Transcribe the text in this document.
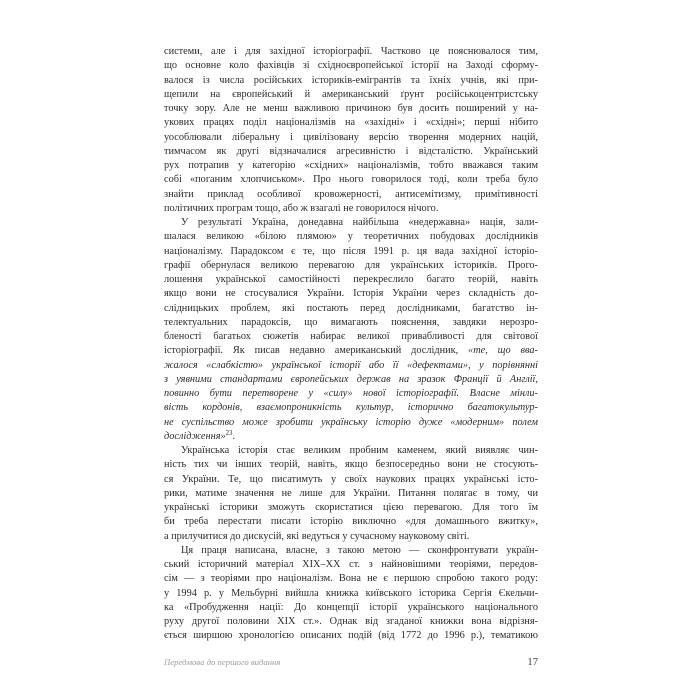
системи, але і для західної історіографії. Частково це пояснювалося тим,
що основне коло фахівців зі східноєвропейської історії на Заході сформу-
валося із числа російських істориків-емігрантів та їхніх учнів, які при-
щепили на європейський й американський ґрунт російськоцентристську
точку зору. Але не менш важливою причиною був досить поширений у на-
укових працях поділ націоналізмів на «західні» і «східні»; перші нібито
уособлювали ліберальну і цивілізовану версію творення модерних націй,
тимчасом як другі відзначалися агресивністю і відсталістю. Український
рух потрапив у категорію «східних» націоналізмів, тобто вважався таким
собі «поганим хлопчиськом». Про нього говорилося тоді, коли треба було
знайти приклад особливої кровожерності, антисемітизму, примітивності
політичних програм тощо, або ж взагалі не говорилося нічого.
У результаті Україна, донедавна найбільша «недержавна» нація, зали-
шалася великою «білою плямою» у теоретичних побудовах дослідників
націоналізму. Парадоксом є те, що після 1991 р. ця вада західної історіо-
графії обернулася великою перевагою для українських істориків. Прого-
лошення української самостійності перекреслило багато теорій, навіть
якщо вони не стосувалися України. Історія України через складність до-
слідницьких проблем, які постають перед дослідниками, багатство ін-
телектуальних парадоксів, що вимагають пояснення, завдяки нерозро-
бленості багатьох сюжетів набирає великої привабливості для світової
історіографії. Як писав недавно американський дослідник, «те, що вва-
жалося «слабкістю» української історії або її «дефектами», у порівнянні
з уявними стандартами європейських держав на зразок Франції й Англії,
повинно бути перетворене у «силу» нової історіографії. Власне мінли-
вість кордонів, взаємопроникність культур, історично багатокультур-
не суспільство може зробити українську історію дуже «модерним» полем
дослідження»$^{23}$.
Українська історія стає великим пробним каменем, який виявляє чин-
ність тих чи інших теорій, навіть, якщо безпосередньо вони не стосують-
ся України. Те, що писатимуть у своїх наукових працях українські істо-
рики, матиме значення не лише для України. Питання полягає в тому, чи
українські історики зможуть скористатися цією перевагою. Для того їм
би треба перестати писати історію виключно «для домашнього вжитку»,
а прилучитися до дискусій, які ведуться у сучасному науковому світі.
Ця праця написана, власне, з такою метою — сконфронтувати україн-
ський історичний матеріал XIX–XX ст. з найновішими теоріями, передов-
сім — з теоріями про націоналізм. Вона не є першою спробою такого роду:
у 1994 р. у Мельбурні вийшла книжка київського історика Сергія Єкельчи-
ка «Пробудження нації: До концепції історії українського національного
руху другої половини XIX ст.». Однак від згаданої книжки вона відрізня-
ється ширшою хронологією описаних подій (від 1772 до 1996 р.), тематикою
Передмова до першого видання	17
